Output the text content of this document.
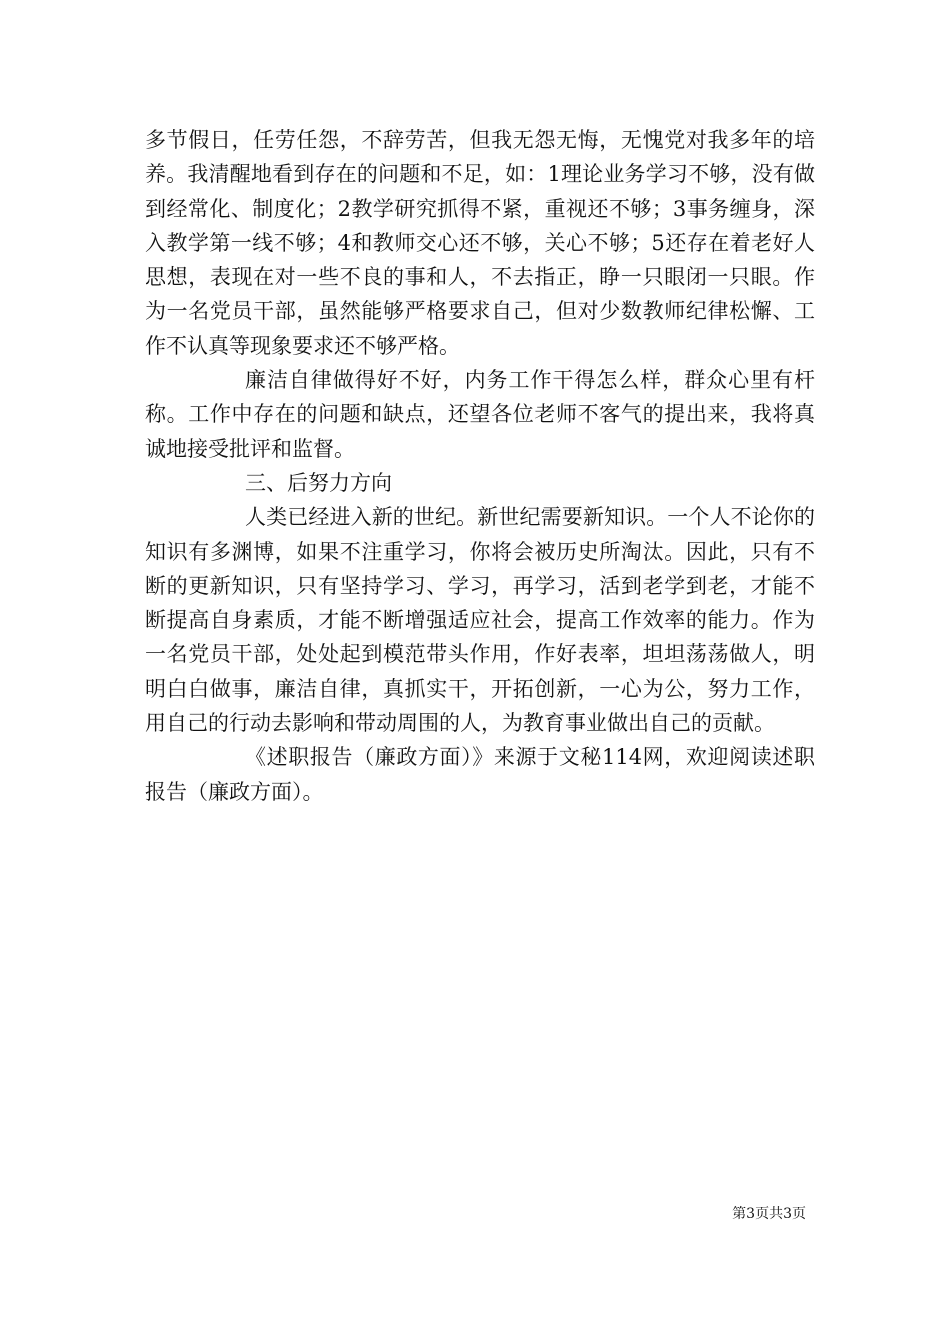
多节假日，任劳任怨，不辞劳苦，但我无怨无悔，无愧党对我多年的培养。我清醒地看到存在的问题和不足，如：1理论业务学习不够，没有做到经常化、制度化；2教学研究抓得不紧，重视还不够；3事务缠身，深入教学第一线不够；4和教师交心还不够，关心不够；5还存在着老好人思想，表现在对一些不良的事和人，不去指正，睁一只眼闭一只眼。作为一名党员干部，虽然能够严格要求自己，但对少数教师纪律松懈、工作不认真等现象要求还不够严格。

廉洁自律做得好不好，内务工作干得怎么样，群众心里有杆称。工作中存在的问题和缺点，还望各位老师不客气的提出来，我将真诚地接受批评和监督。

三、后努力方向

人类已经进入新的世纪。新世纪需要新知识。一个人不论你的知识有多渊博，如果不注重学习，你将会被历史所淘汰。因此，只有不断的更新知识，只有坚持学习、学习，再学习，活到老学到老，才能不断提高自身素质，才能不断增强适应社会，提高工作效率的能力。作为一名党员干部，处处起到模范带头作用，作好表率，坦坦荡荡做人，明明白白做事，廉洁自律，真抓实干，开拓创新，一心为公，努力工作，用自己的行动去影响和带动周围的人，为教育事业做出自己的贡献。

《述职报告（廉政方面）》来源于文秘114网，欢迎阅读述职报告（廉政方面）。

第3页共3页
